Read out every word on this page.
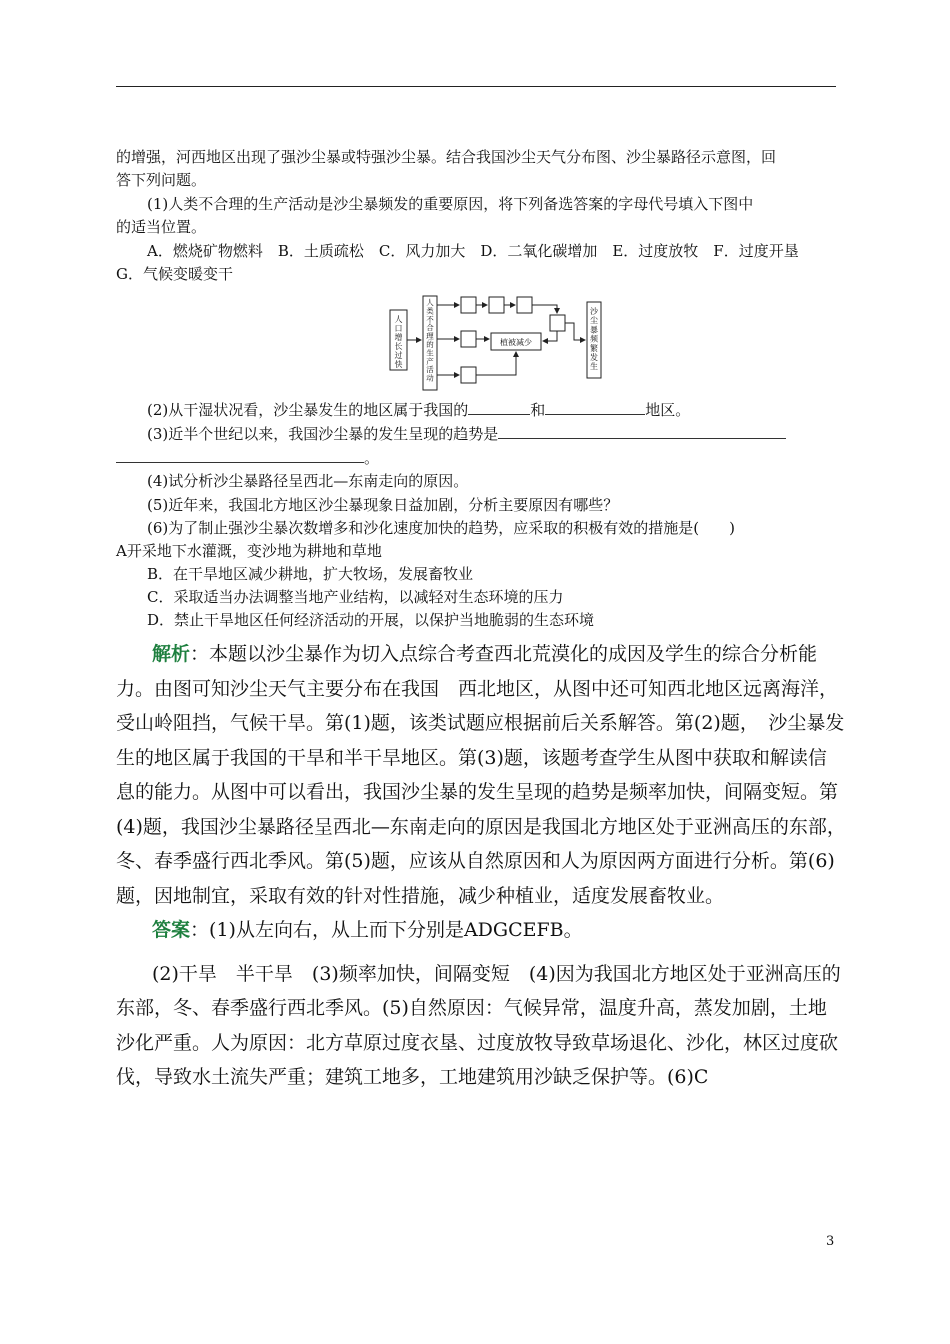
的增强，河西地区出现了强沙尘暴或特强沙尘暴。结合我国沙尘天气分布图、沙尘暴路径示意图，回
答下列问题。
(1)人类不合理的生产活动是沙尘暴频发的重要原因，将下列备选答案的字母代号填入下图中
的适当位置。
A．燃烧矿物燃料　B．土质疏松　C．风力加大　D．二氧化碳增加　E．过度放牧　F．过度开垦
G．气候变暖变干
人口增长过快
人类不合理的生产活动
沙尘暴频繁发生
植被减少
(2)从干湿状况看，沙尘暴发生的地区属于我国的	和	地区。
(3)近半个世纪以来，我国沙尘暴的发生呈现的趋势是
。
(4)试分析沙尘暴路径呈西北—东南走向的原因。
(5)近年来，我国北方地区沙尘暴现象日益加剧，分析主要原因有哪些？
(6)为了制止强沙尘暴次数增多和沙化速度加快的趋势，应采取的积极有效的措施是(　　)
A开采地下水灌溉，变沙地为耕地和草地
B．在干旱地区减少耕地，扩大牧场，发展畜牧业
C．采取适当办法调整当地产业结构，以减轻对生态环境的压力
D．禁止干旱地区任何经济活动的开展，以保护当地脆弱的生态环境

解析：本题以沙尘暴作为切入点综合考查西北荒漠化的成因及学生的综合分析能

力。由图可知沙尘天气主要分布在我国　西北地区，从图中还可知西北地区远离海洋，

受山岭阻挡，气候干旱。第(1)题，该类试题应根据前后关系解答。第(2)题，　沙尘暴发

生的地区属于我国的干旱和半干旱地区。第(3)题，该题考查学生从图中获取和解读信

息的能力。从图中可以看出，我国沙尘暴的发生呈现的趋势是频率加快，间隔变短。第

(4)题，我国沙尘暴路径呈西北—东南走向的原因是我国北方地区处于亚洲高压的东部，

冬、春季盛行西北季风。第(5)题，应该从自然原因和人为原因两方面进行分析。第(6)

题，因地制宜，采取有效的针对性措施，减少种植业，适度发展畜牧业。

答案：(1)从左向右，从上而下分别是ADGCEFB。

(2)干旱　半干旱　(3)频率加快，间隔变短　(4)因为我国北方地区处于亚洲高压的

东部，冬、春季盛行西北季风。(5)自然原因：气候异常，温度升高，蒸发加剧，土地

沙化严重。人为原因：北方草原过度衣垦、过度放牧导致草场退化、沙化，林区过度砍

伐，导致水土流失严重；建筑工地多，工地建筑用沙缺乏保护等。(6)C

3
